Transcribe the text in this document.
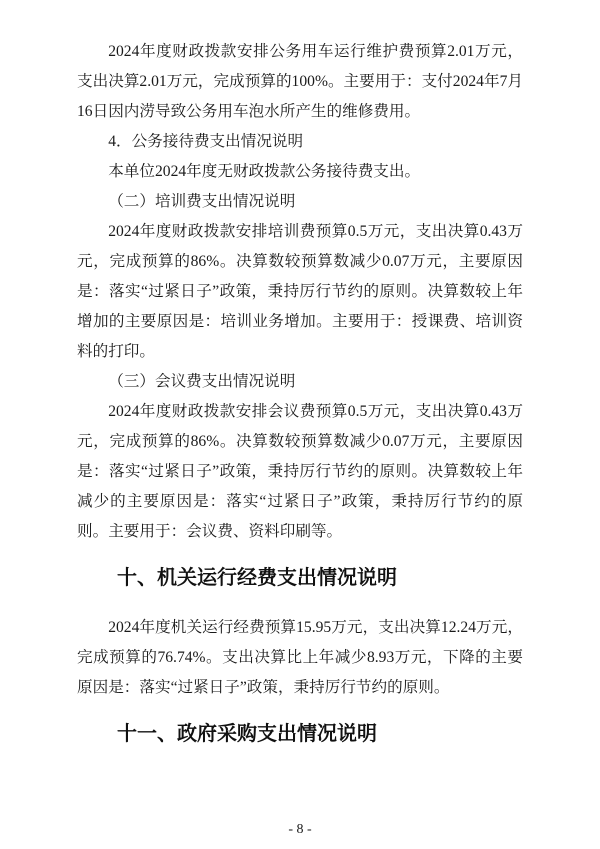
2024年度财政拨款安排公务用车运行维护费预算2.01万元，支出决算2.01万元，完成预算的100%。主要用于：支付2024年7月16日因内涝导致公务用车泡水所产生的维修费用。

4．公务接待费支出情况说明

本单位2024年度无财政拨款公务接待费支出。

（二）培训费支出情况说明

2024年度财政拨款安排培训费预算0.5万元，支出决算0.43万元，完成预算的86%。决算数较预算数减少0.07万元，主要原因是：落实“过紧日子”政策，秉持厉行节约的原则。决算数较上年增加的主要原因是：培训业务增加。主要用于：授课费、培训资料的打印。

（三）会议费支出情况说明

2024年度财政拨款安排会议费预算0.5万元，支出决算0.43万元，完成预算的86%。决算数较预算数减少0.07万元，主要原因是：落实“过紧日子”政策，秉持厉行节约的原则。决算数较上年减少的主要原因是：落实“过紧日子”政策，秉持厉行节约的原则。主要用于：会议费、资料印刷等。

十、机关运行经费支出情况说明

2024年度机关运行经费预算15.95万元，支出决算12.24万元，完成预算的76.74%。支出决算比上年减少8.93万元，下降的主要原因是：落实“过紧日子”政策，秉持厉行节约的原则。

十一、政府采购支出情况说明
- 8 -
